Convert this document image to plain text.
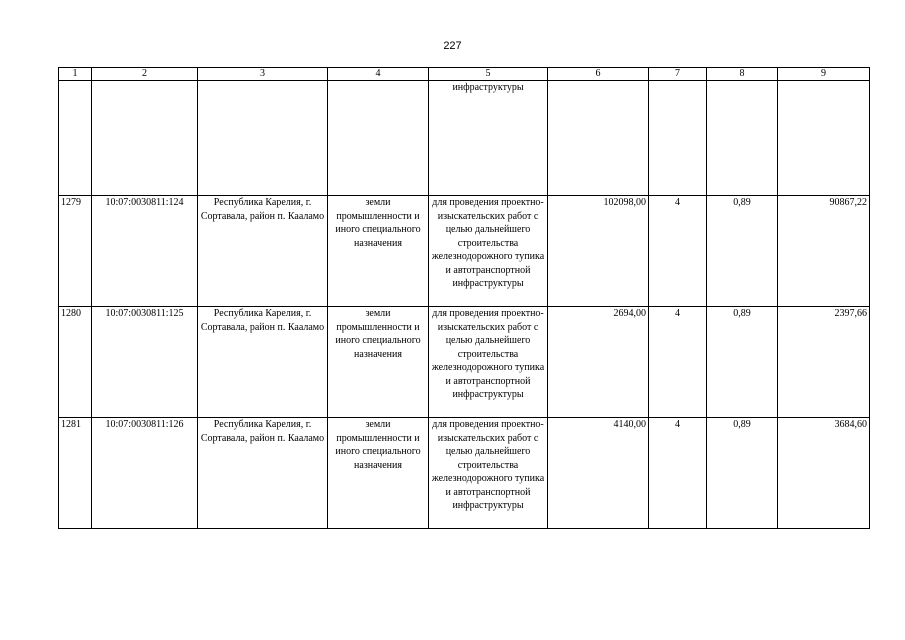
227
1	2	3	4	5	6	7	8	9
				инфраструктуры				
1279	10:07:0030811:124	Республика Карелия, г. Сортавала, район п. Кааламо	земли промышленности и иного специального назначения	для проведения проектно-изыскательских работ с целью дальнейшего строительства железнодорожного тупика и автотранспортной инфраструктуры	102098,00	4	0,89	90867,22
1280	10:07:0030811:125	Республика Карелия, г. Сортавала, район п. Кааламо	земли промышленности и иного специального назначения	для проведения проектно-изыскательских работ с целью дальнейшего строительства железнодорожного тупика и автотранспортной инфраструктуры	2694,00	4	0,89	2397,66
1281	10:07:0030811:126	Республика Карелия, г. Сортавала, район п. Кааламо	земли промышленности и иного специального назначения	для проведения проектно-изыскательских работ с целью дальнейшего строительства железнодорожного тупика и автотранспортной инфраструктуры	4140,00	4	0,89	3684,60
